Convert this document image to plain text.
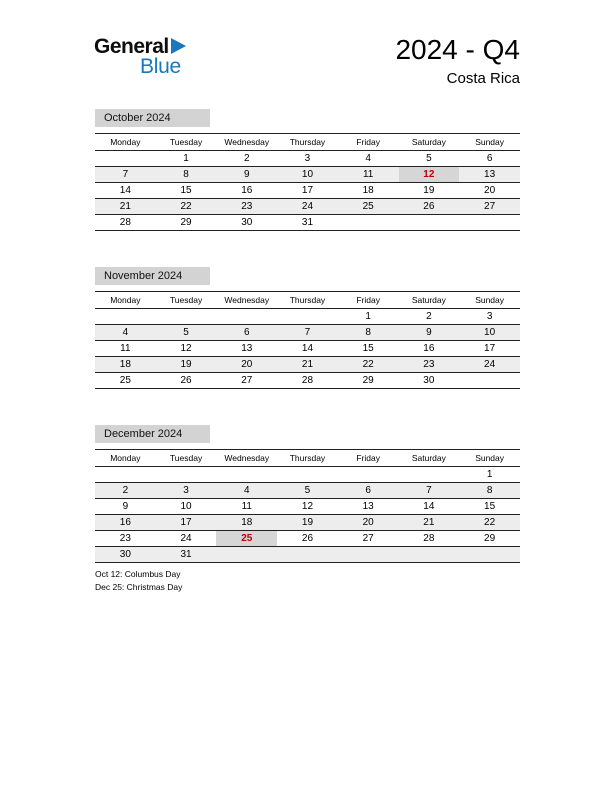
General
Blue
2024 - Q4
Costa Rica
October 2024
Monday	Tuesday	Wednesday	Thursday	Friday	Saturday	Sunday
	1	2	3	4	5	6
7	8	9	10	11	12	13
14	15	16	17	18	19	20
21	22	23	24	25	26	27
28	29	30	31			
November 2024
Monday	Tuesday	Wednesday	Thursday	Friday	Saturday	Sunday
				1	2	3
4	5	6	7	8	9	10
11	12	13	14	15	16	17
18	19	20	21	22	23	24
25	26	27	28	29	30	
December 2024
Monday	Tuesday	Wednesday	Thursday	Friday	Saturday	Sunday
						1
2	3	4	5	6	7	8
9	10	11	12	13	14	15
16	17	18	19	20	21	22
23	24	25	26	27	28	29
30	31					
Oct 12: Columbus Day
Dec 25: Christmas Day
